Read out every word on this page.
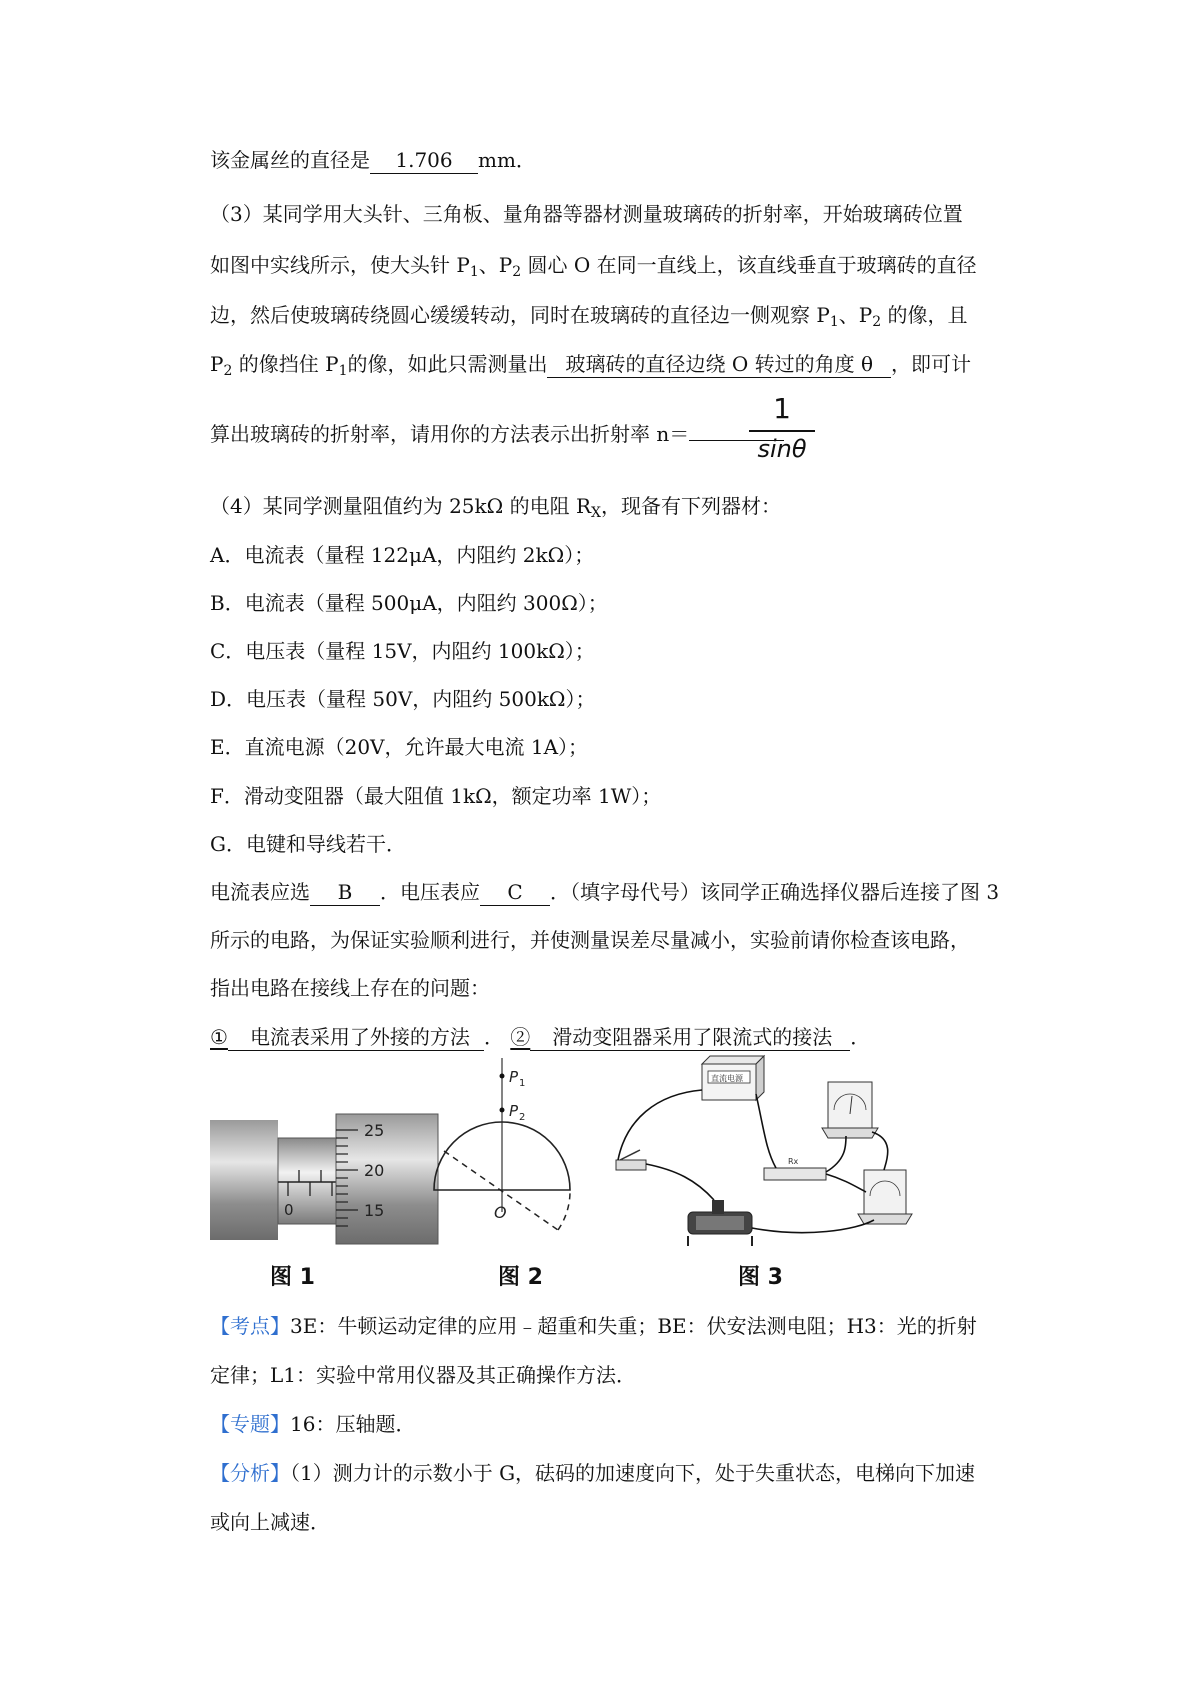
该金属丝的直径是 1.706 mm．
（3）某同学用大头针、三角板、量角器等器材测量玻璃砖的折射率，开始玻璃砖位置
如图中实线所示，使大头针 $P_1$、$P_2$ 圆心 O 在同一直线上，该直线垂直于玻璃砖的直径
边，然后使玻璃砖绕圆心缓缓转动，同时在玻璃砖的直径边一侧观察 $P_1$、$P_2$ 的像，且
$P_2$ 的像挡住 $P_1$的像，如此只需测量出 玻璃砖的直径边绕 O 转过的角度 θ ，即可计
算出玻璃砖的折射率，请用你的方法表示出折射率 n＝
1
sinθ
（4）某同学测量阻值约为 25kΩ 的电阻 $R_X$，现备有下列器材：
A．电流表（量程 122μA，内阻约 2kΩ）；
B．电流表（量程 500μA，内阻约 300Ω）；
C．电压表（量程 15V，内阻约 100kΩ）；
D．电压表（量程 50V，内阻约 500kΩ）；
E．直流电源（20V，允许最大电流 1A）；
F．滑动变阻器（最大阻值 1kΩ，额定功率 1W）；
G．电键和导线若干．
电流表应选 B ．电压表应 C ．（填字母代号）该同学正确选择仪器后连接了图 3
所示的电路，为保证实验顺利进行，并使测量误差尽量减小，实验前请你检查该电路，
指出电路在接线上存在的问题：
① 电流表采用了外接的方法 ． ② 滑动变阻器采用了限流式的接法 ．
0
25
20
15
P 1
P 2
O
直流电源
Rx
图 1	图 2	图 3
【考点】3E：牛顿运动定律的应用﹣超重和失重；BE：伏安法测电阻；H3：光的折射
定律；L1：实验中常用仪器及其正确操作方法．
【专题】16：压轴题．
【分析】（1）测力计的示数小于 G，砝码的加速度向下，处于失重状态，电梯向下加速
或向上减速．
